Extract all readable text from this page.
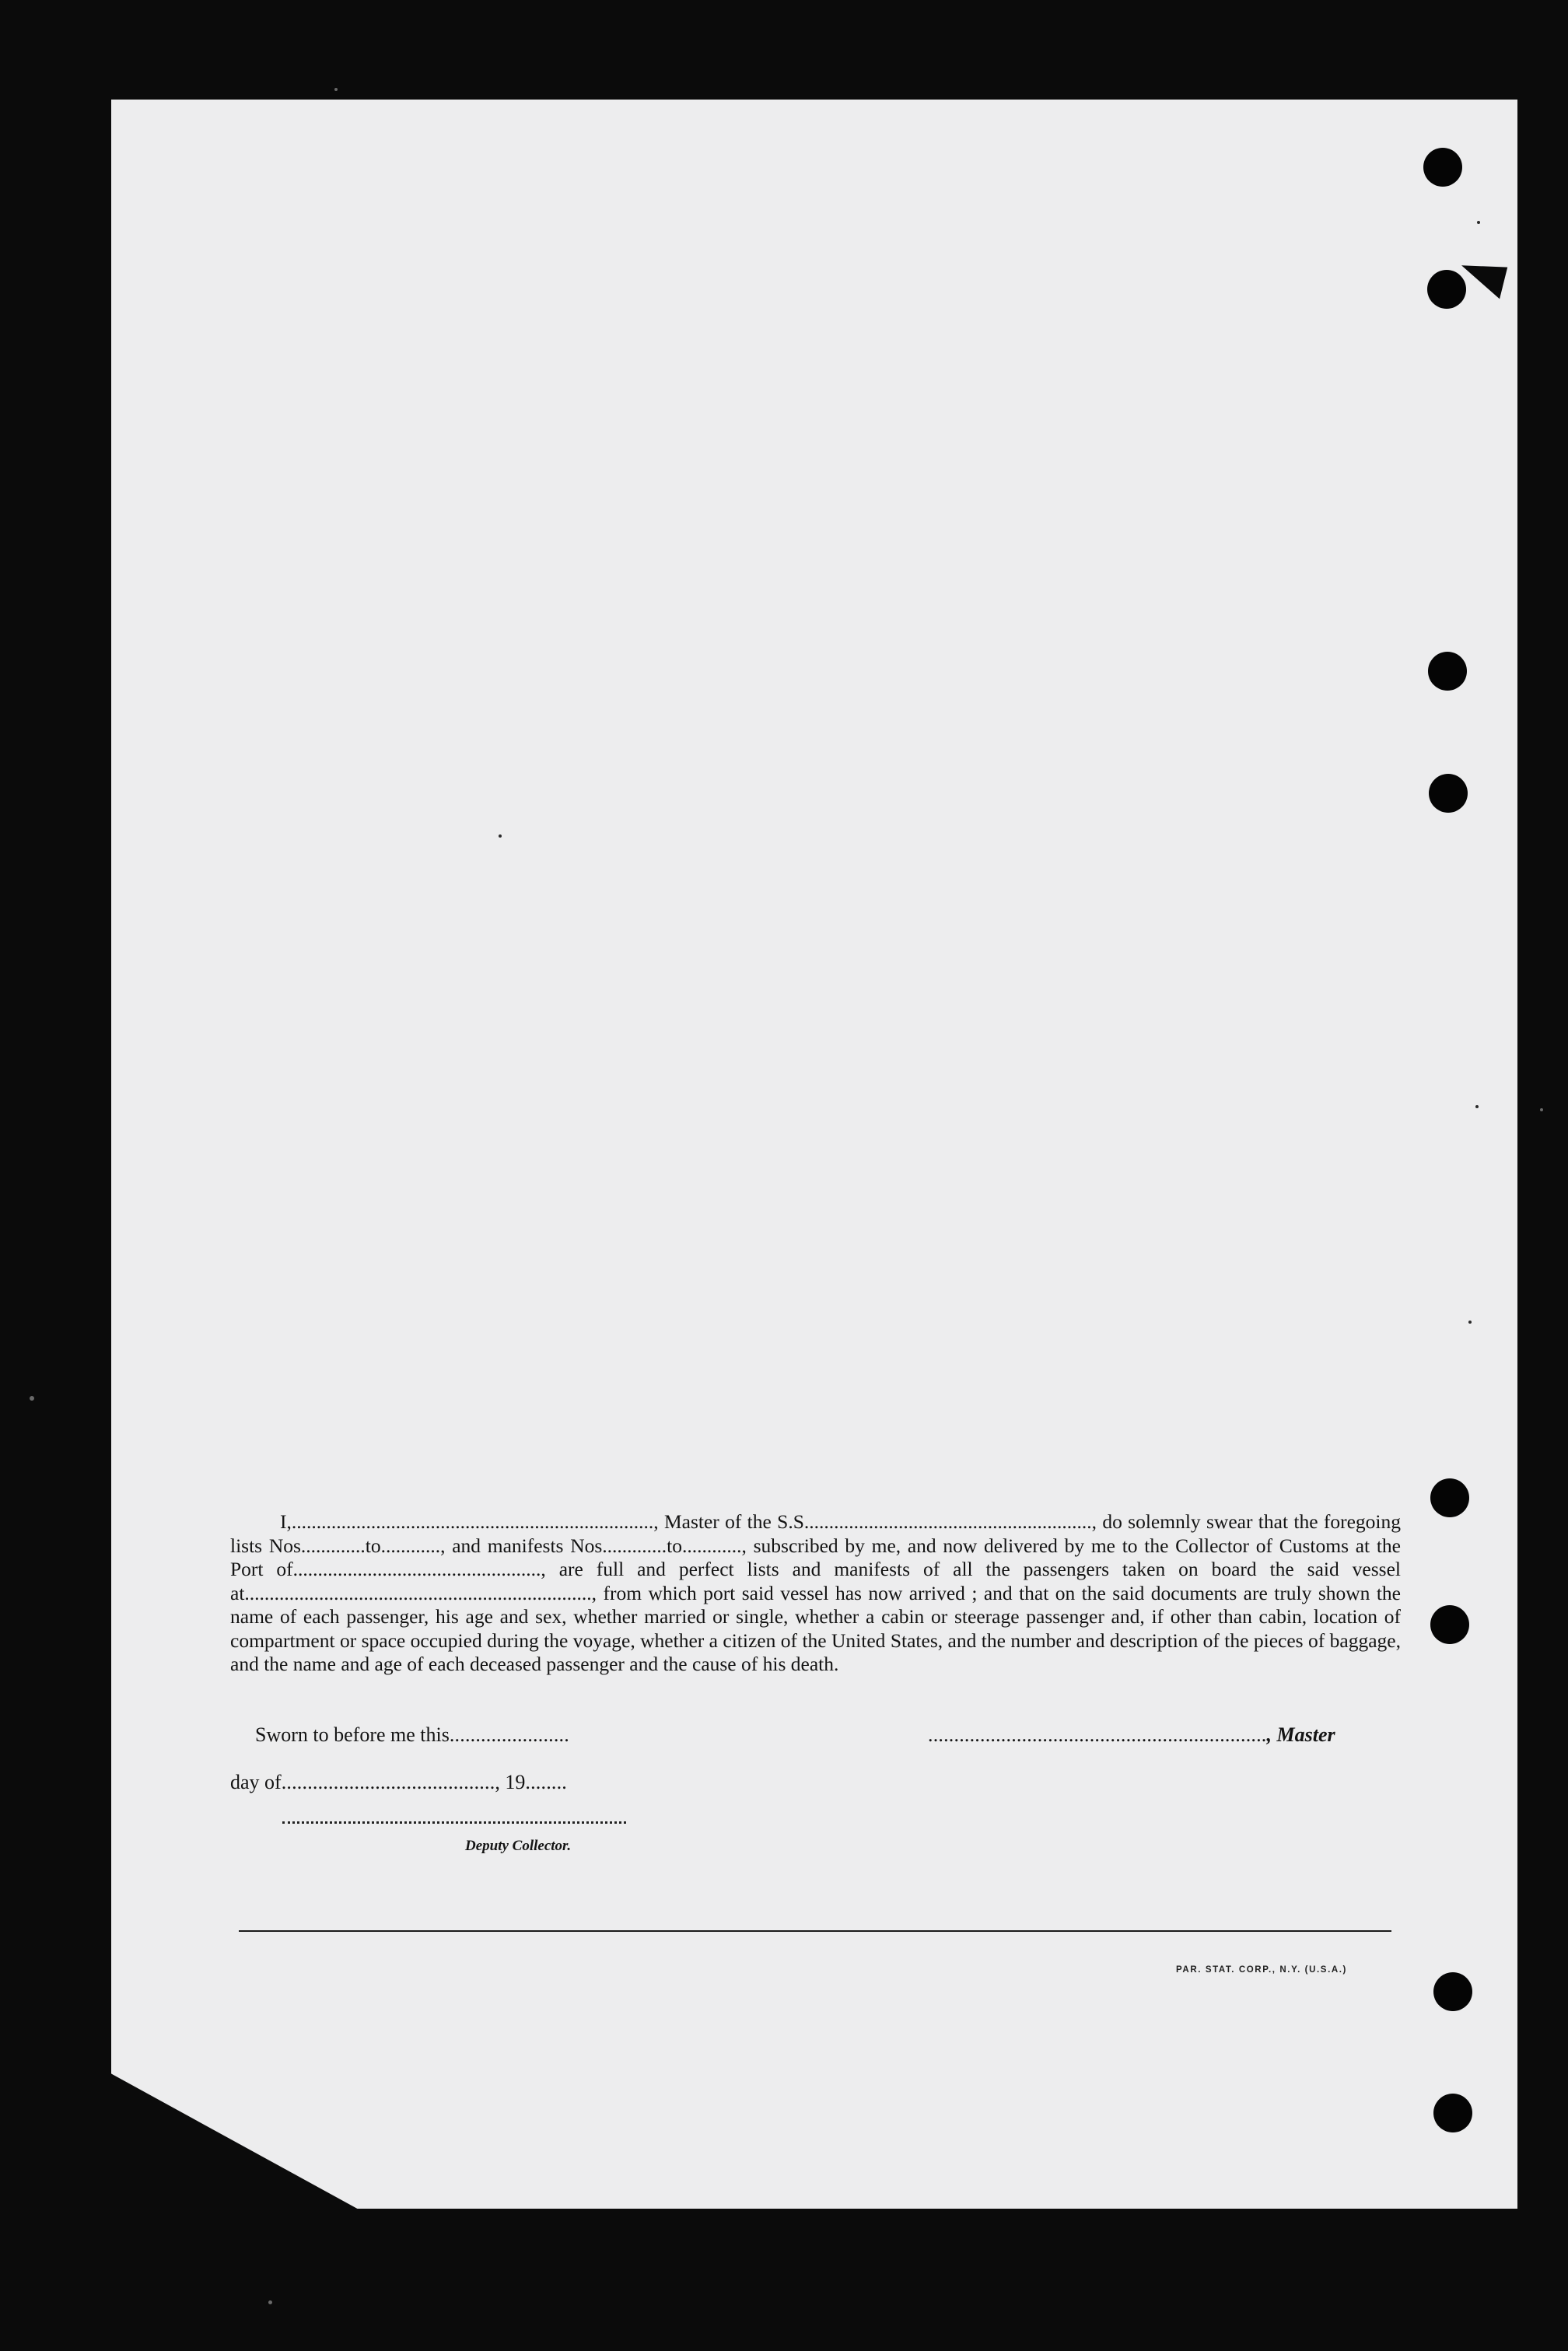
I,........................................................................., Master of the S.S.........................................................., do solemnly swear that the foregoing lists Nos.............to............, and manifests Nos.............to............, subscribed by me, and now delivered by me to the Collector of Customs at the Port of.................................................., are full and perfect lists and manifests of all the passengers taken on board the said vessel at......................................................................, from which port said vessel has now arrived ; and that on the said documents are truly shown the name of each passenger, his age and sex, whether married or single, whether a cabin or steerage passenger and, if other than cabin, location of compartment or space occupied during the voyage, whether a citizen of the United States, and the number and description of the pieces of baggage, and the name and age of each deceased passenger and the cause of his death.

Sworn to before me this.......................	................................................................., Master
day of........................................., 19........
Deputy Collector.
PAR. STAT. CORP., N.Y. (U.S.A.)
